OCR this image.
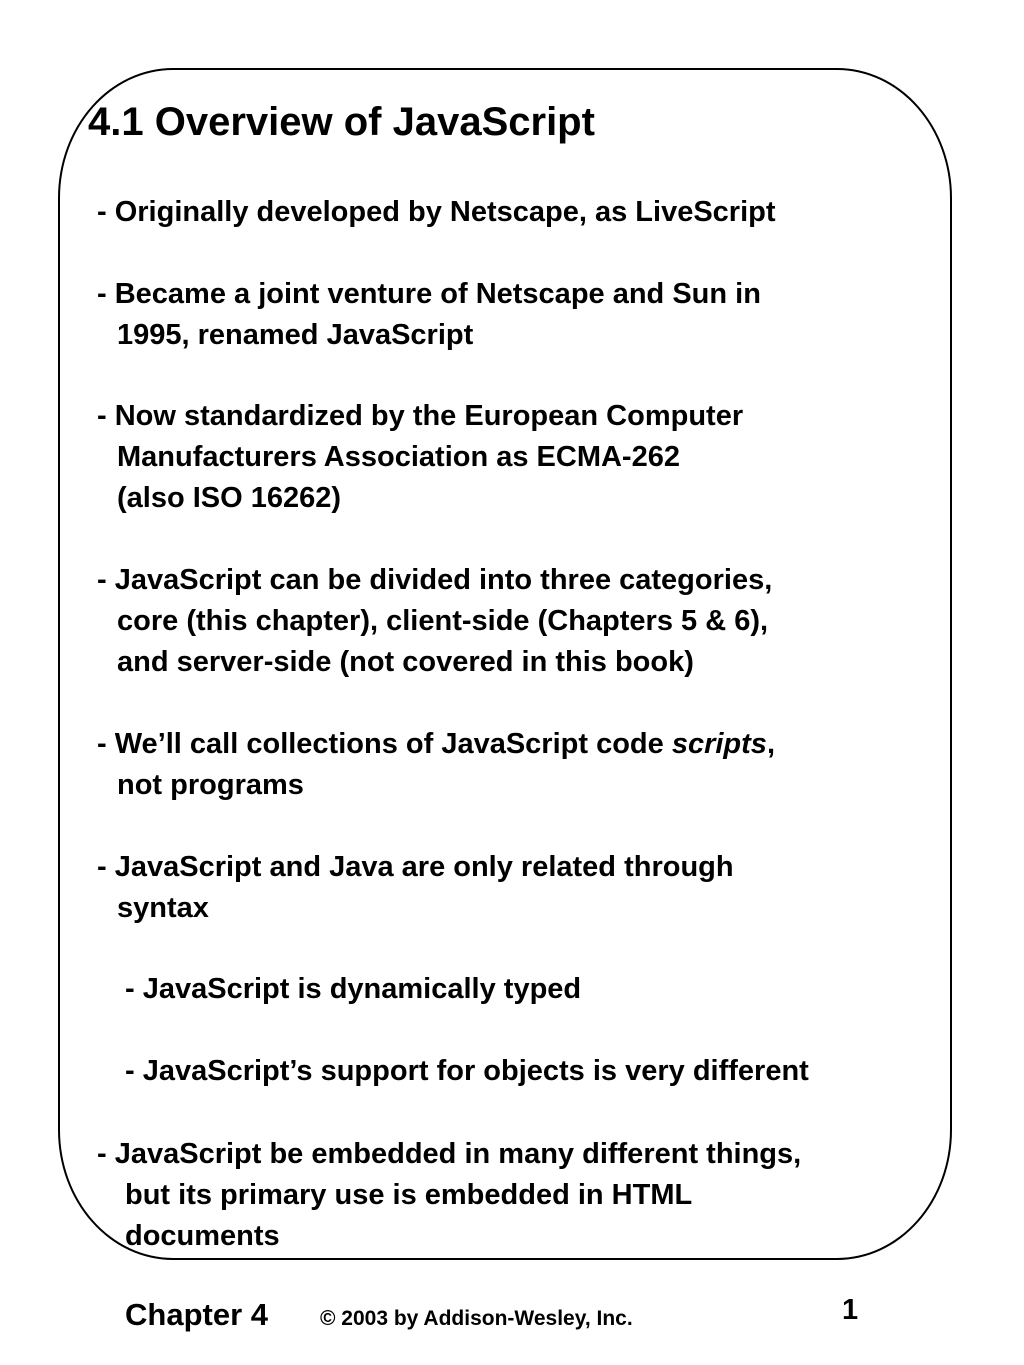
4.1 Overview of JavaScript
- Originally developed by Netscape, as LiveScript
- Became a joint venture of Netscape and Sun in
1995, renamed JavaScript
- Now standardized by the European Computer
Manufacturers Association as ECMA-262
(also ISO 16262)
- JavaScript can be divided into three categories,
core (this chapter), client-side (Chapters 5 & 6),
and server-side (not covered in this book)
- We’ll call collections of JavaScript code scripts,
not programs
- JavaScript and Java are only related through
syntax
- JavaScript is dynamically typed
- JavaScript’s support for objects is very different
- JavaScript be embedded in many different things,
but its primary use is embedded in HTML
documents
Chapter 4 © 2003 by Addison-Wesley, Inc.	1
